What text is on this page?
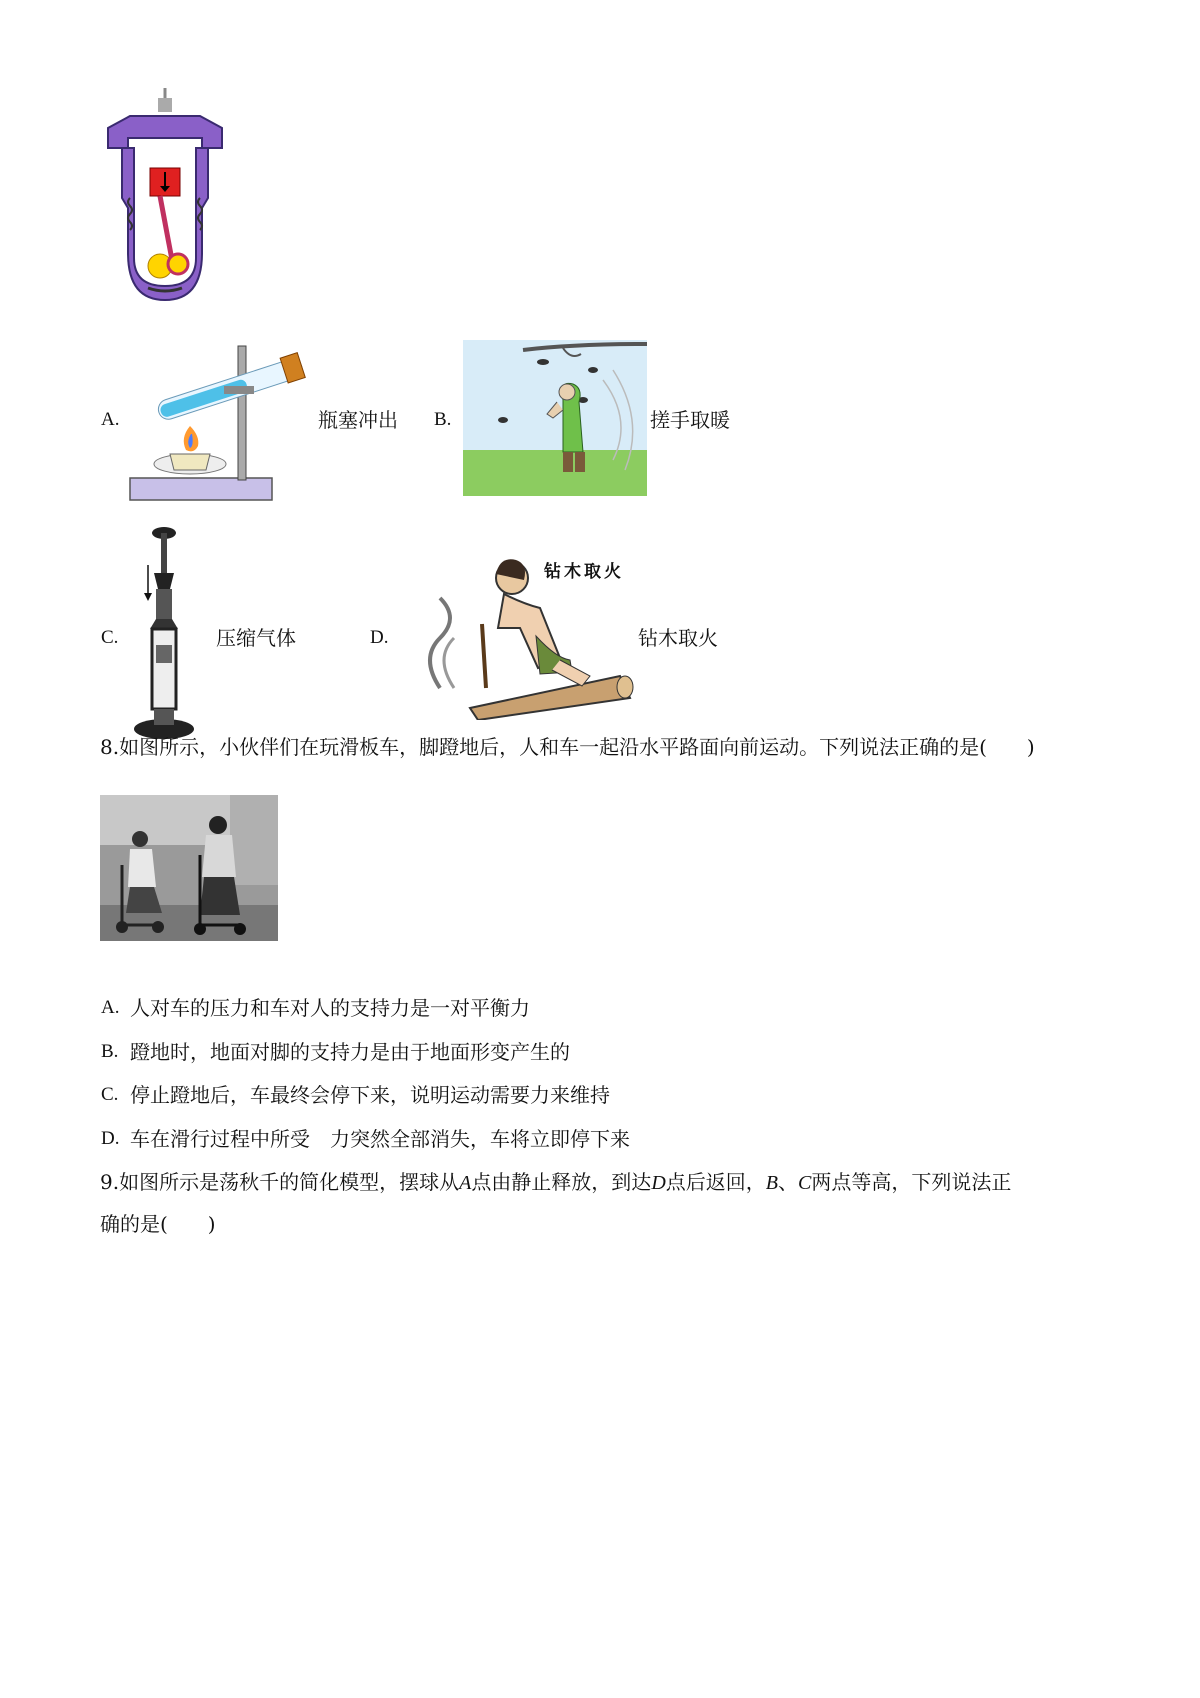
A.	瓶塞冲出 B.	搓手取暖
C.	压缩气体	D.
钻木取火
钻木取火
8.如图所示，小伙伴们在玩滑板车，脚蹬地后，人和车一起沿水平路面向前运动。下列说法正确的是(　　)
A. 人对车的压力和车对人的支持力是一对平衡力
B. 蹬地时，地面对脚的支持力是由于地面形变产生的
C. 停止蹬地后，车最终会停下来，说明运动需要力来维持
D. 车在滑行过程中所受　力突然全部消失，车将立即停下来
9.如图所示是荡秋千的简化模型，摆球从A点由静止释放，到达D点后返回，B、C两点等高，下列说法正
确的是(　　)
